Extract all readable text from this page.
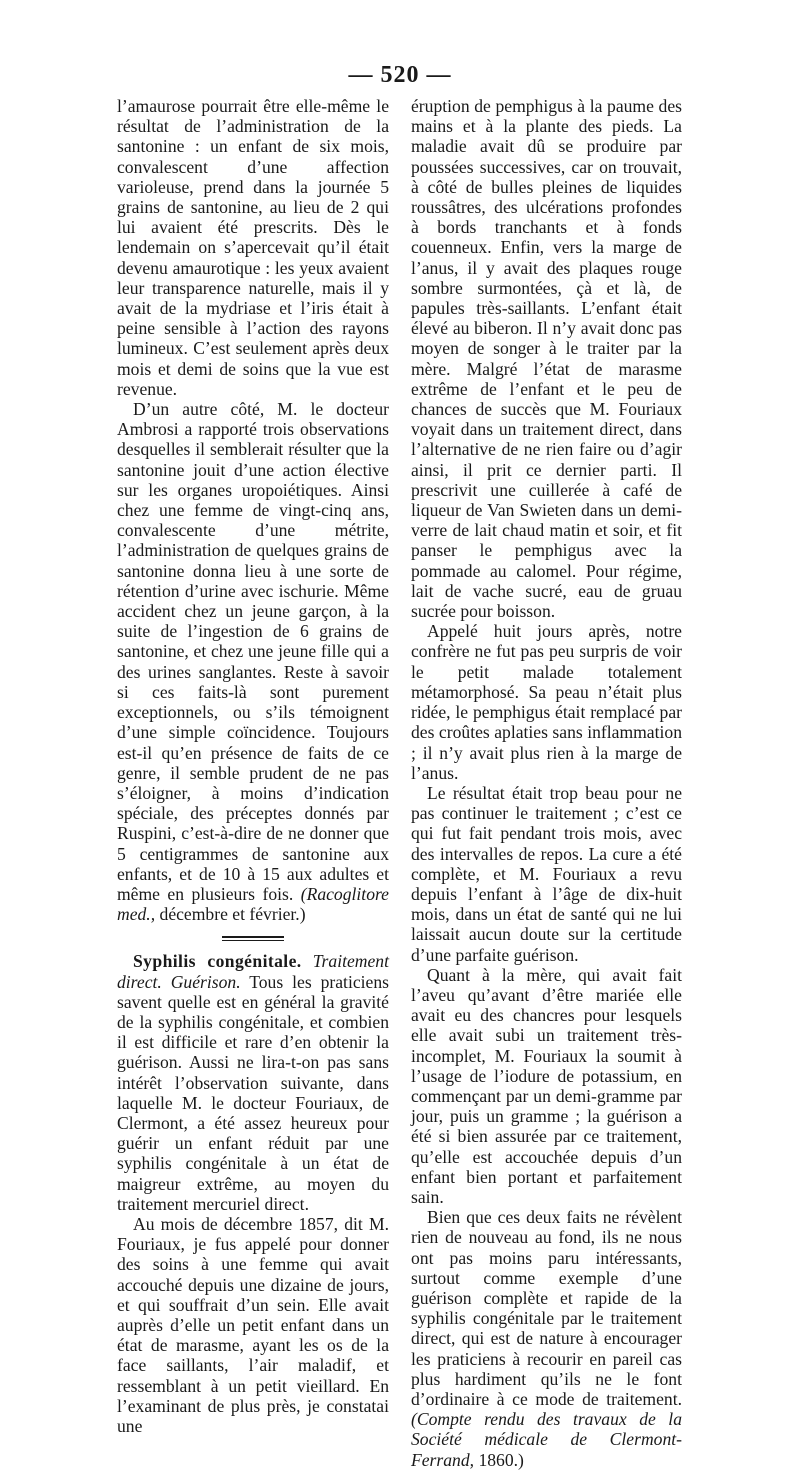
— 520 —

l’amaurose pourrait être elle-même le résultat de l’administration de la santonine : un enfant de six mois, convalescent d’une affection varioleuse, prend dans la journée 5 grains de santonine, au lieu de 2 qui lui avaient été prescrits. Dès le lendemain on s’apercevait qu’il était devenu amaurotique : les yeux avaient leur transparence naturelle, mais il y avait de la mydriase et l’iris était à peine sensible à l’action des rayons lumineux. C’est seulement après deux mois et demi de soins que la vue est revenue.

D’un autre côté, M. le docteur Ambrosi a rapporté trois observations desquelles il semblerait résulter que la santonine jouit d’une action élective sur les organes uropoiétiques. Ainsi chez une femme de vingt-cinq ans, convalescente d’une métrite, l’administration de quelques grains de santonine donna lieu à une sorte de rétention d’urine avec ischurie. Même accident chez un jeune garçon, à la suite de l’ingestion de 6 grains de santonine, et chez une jeune fille qui a des urines sanglantes. Reste à savoir si ces faits-là sont purement exceptionnels, ou s’ils témoignent d’une simple coïncidence. Toujours est-il qu’en présence de faits de ce genre, il semble prudent de ne pas s’éloigner, à moins d’indication spéciale, des préceptes donnés par Ruspini, c’est-à-dire de ne donner que 5 centigrammes de santonine aux enfants, et de 10 à 15 aux adultes et même en plusieurs fois. (Racoglitore med., décembre et février.)

Syphilis congénitale. Traitement direct. Guérison. Tous les praticiens savent quelle est en général la gravité de la syphilis congénitale, et combien il est difficile et rare d’en obtenir la guérison. Aussi ne lira-t-on pas sans intérêt l’observation suivante, dans laquelle M. le docteur Fouriaux, de Clermont, a été assez heureux pour guérir un enfant réduit par une syphilis congénitale à un état de maigreur extrême, au moyen du traitement mercuriel direct.

Au mois de décembre 1857, dit M. Fouriaux, je fus appelé pour donner des soins à une femme qui avait accouché depuis une dizaine de jours, et qui souffrait d’un sein. Elle avait auprès d’elle un petit enfant dans un état de marasme, ayant les os de la face saillants, l’air maladif, et ressemblant à un petit vieillard. En l’examinant de plus près, je constatai une

éruption de pemphigus à la paume des mains et à la plante des pieds. La maladie avait dû se produire par poussées successives, car on trouvait, à côté de bulles pleines de liquides roussâtres, des ulcérations profondes à bords tranchants et à fonds couenneux. Enfin, vers la marge de l’anus, il y avait des plaques rouge sombre surmontées, çà et là, de papules très-saillants. L’enfant était élevé au biberon. Il n’y avait donc pas moyen de songer à le traiter par la mère. Malgré l’état de marasme extrême de l’enfant et le peu de chances de succès que M. Fouriaux voyait dans un traitement direct, dans l’alternative de ne rien faire ou d’agir ainsi, il prit ce dernier parti. Il prescrivit une cuillerée à café de liqueur de Van Swieten dans un demi-verre de lait chaud matin et soir, et fit panser le pemphigus avec la pommade au calomel. Pour régime, lait de vache sucré, eau de gruau sucrée pour boisson.

Appelé huit jours après, notre confrère ne fut pas peu surpris de voir le petit malade totalement métamorphosé. Sa peau n’était plus ridée, le pemphigus était remplacé par des croûtes aplaties sans inflammation ; il n’y avait plus rien à la marge de l’anus.

Le résultat était trop beau pour ne pas continuer le traitement ; c’est ce qui fut fait pendant trois mois, avec des intervalles de repos. La cure a été complète, et M. Fouriaux a revu depuis l’enfant à l’âge de dix-huit mois, dans un état de santé qui ne lui laissait aucun doute sur la certitude d’une parfaite guérison.

Quant à la mère, qui avait fait l’aveu qu’avant d’être mariée elle avait eu des chancres pour lesquels elle avait subi un traitement très-incomplet, M. Fouriaux la soumit à l’usage de l’iodure de potassium, en commençant par un demi-gramme par jour, puis un gramme ; la guérison a été si bien assurée par ce traitement, qu’elle est accouchée depuis d’un enfant bien portant et parfaitement sain.

Bien que ces deux faits ne révèlent rien de nouveau au fond, ils ne nous ont pas moins paru intéressants, surtout comme exemple d’une guérison complète et rapide de la syphilis congénitale par le traitement direct, qui est de nature à encourager les praticiens à recourir en pareil cas plus hardiment qu’ils ne le font d’ordinaire à ce mode de traitement. (Compte rendu des travaux de la Société médicale de Clermont-Ferrand, 1860.)
